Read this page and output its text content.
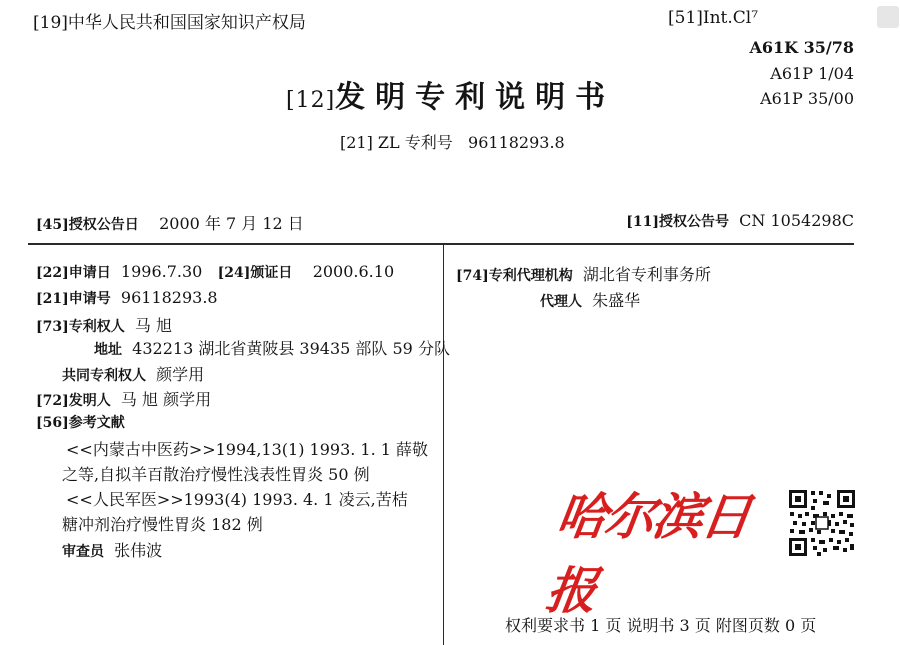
[19]中华人民共和国国家知识产权局	[51]Int.Cl⁷
A61K 35/78
A61P 1/04
A61P 35/00
[12]发明专利说明书
[21] ZL 专利号 96118293.8
[45]授权公告日 2000 年 7 月 12 日	[11]授权公告号 CN 1054298C
[22]申请日 1996.7.30 [24]颁证日 2000.6.10
[21]申请号 96118293.8
[73]专利权人 马 旭
地址 432213 湖北省黄陂县 39435 部队 59 分队
共同专利权人 颜学用
[72]发明人 马 旭 颜学用
[56]参考文献
<<内蒙古中医药>>1994,13(1) 1993. 1. 1 薛敬
之等,自拟羊百散治疗慢性浅表性胃炎 50 例
<<人民军医>>1993(4) 1993. 4. 1 凌云,苦桔
糖冲剂治疗慢性胃炎 182 例
审查员 张伟波
[74]专利代理机构 湖北省专利事务所
代理人 朱盛华
哈尔滨日报
权利要求书 1 页 说明书 3 页 附图页数 0 页
